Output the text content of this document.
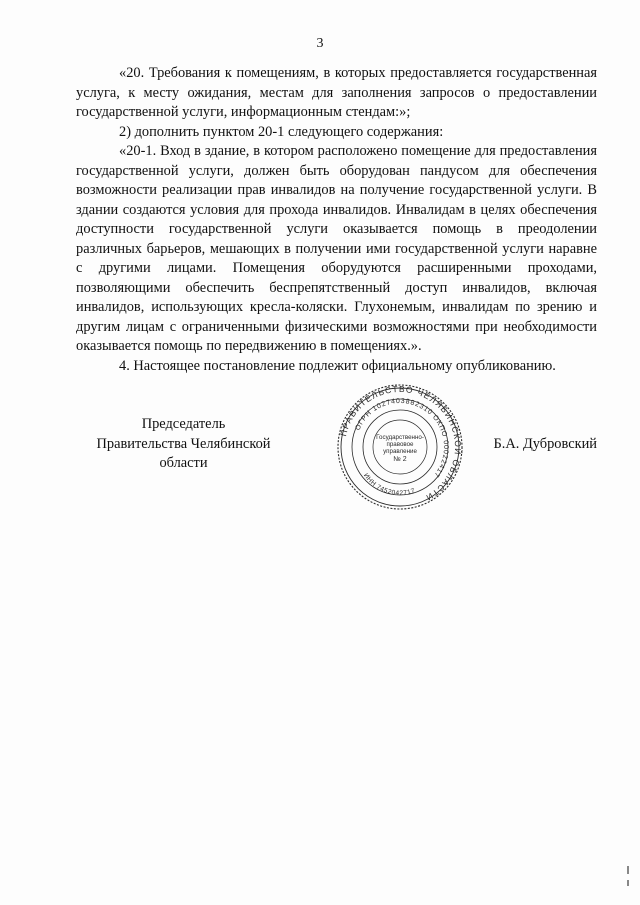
3

«20. Требования к помещениям, в которых предоставляется государственная услуга, к месту ожидания, местам для заполнения запросов о предоставлении государственной услуги, информационным стендам:»;

2) дополнить пунктом 20-1 следующего содержания:

«20-1. Вход в здание, в котором расположено помещение для предоставления государственной услуги, должен быть оборудован пандусом для обеспечения возможности реализации прав инвалидов на получение государственной услуги. В здании создаются условия для прохода инвалидов. Инвалидам в целях обеспечения доступности государственной услуги оказывается помощь в преодолении различных барьеров, мешающих в получении ими государственной услуги наравне с другими лицами. Помещения оборудуются расширенными проходами, позволяющими обеспечить беспрепятственный доступ инвалидов, включая инвалидов, использующих кресла-коляски. Глухонемым, инвалидам по зрению и другим лицам с ограниченными физическими возможностями при необходимости оказывается помощь по передвижению в помещениях.».

4. Настоящее постановление подлежит официальному опубликованию.

Председатель
Правительства Челябинской области
Б.А. Дубровский
ПРАВИТЕЛЬСТВО ЧЕЛЯБИНСКОЙ ОБЛАСТИ
ОГРН 1027403882310 ОКПО 00022417
ИНН 7452042717
Государственно-
правовое
управление
№ 2
